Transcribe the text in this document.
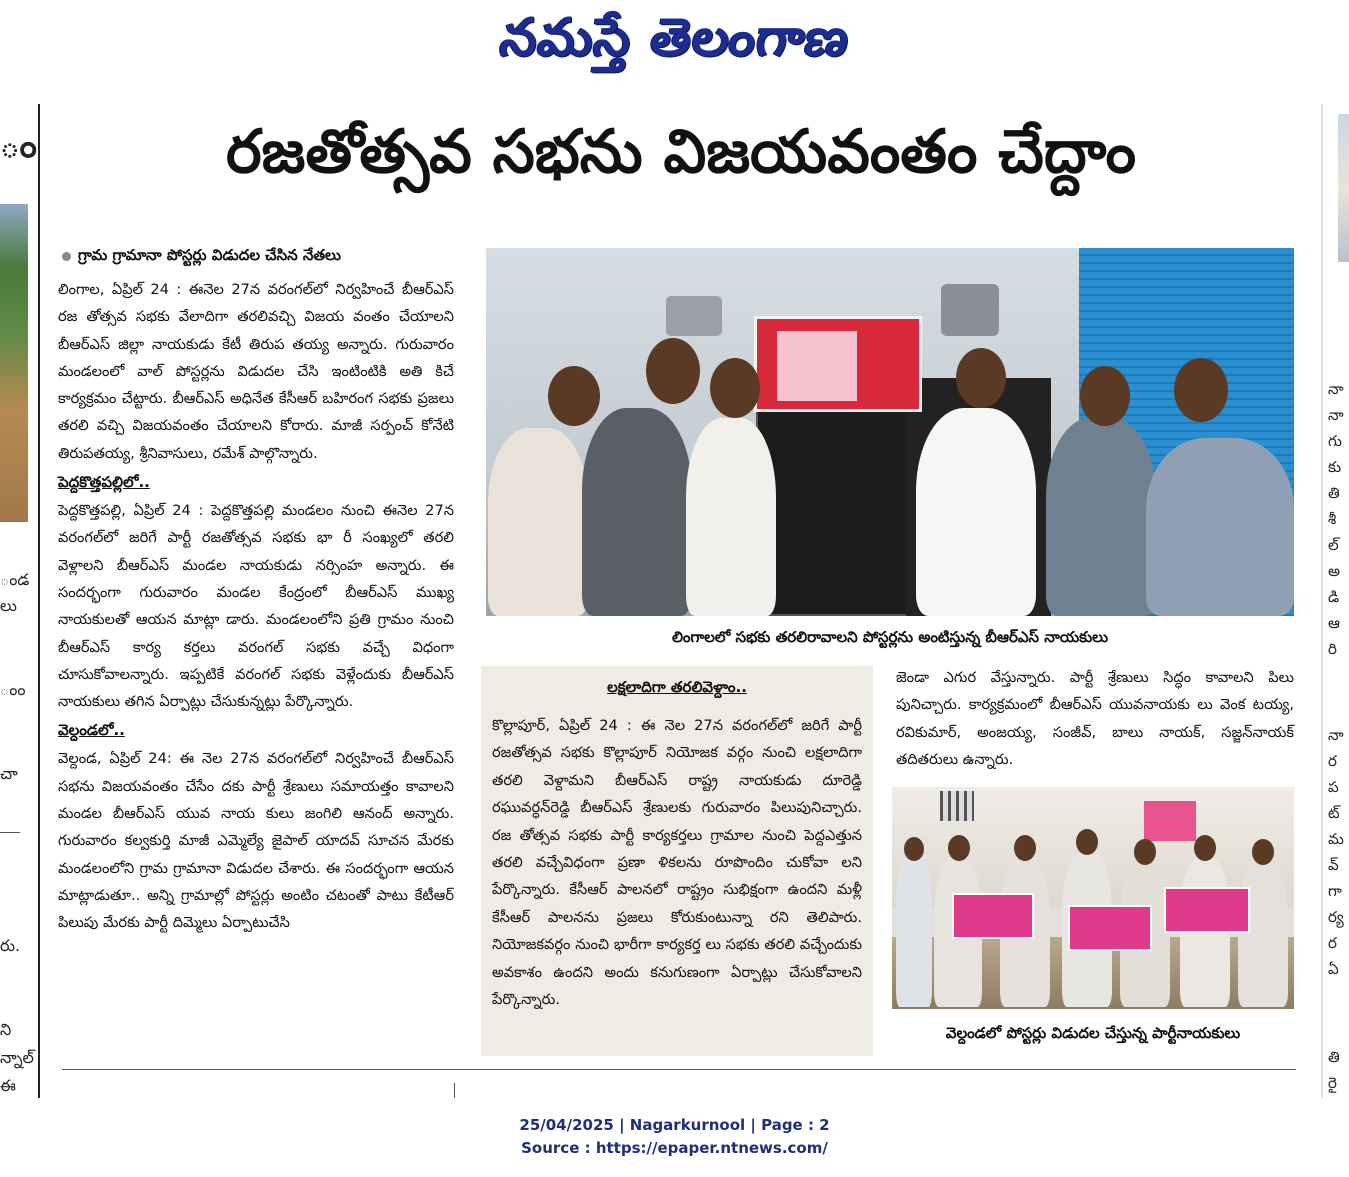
నమస్తే తెలంగాణ
ం
ండ
లు
ంం
చా
రు.
ని
న్నాల్
ఈ
నా
నా
గు
కు
తి
శీ
ల్
అ
డి
ఆ
రి
నా
ర
ప
ట్
మ
వ్
గా
ర్య
ర
ఏ
తి
రై
రజతోత్సవ సభను విజయవంతం చేద్దాం
గ్రామ గ్రామానా పోస్టర్లు విడుదల చేసిన నేతలు

లింగాల, ఏప్రిల్ 24 : ఈనెల 27న వరంగల్‌లో నిర్వహించే బీఆర్‌ఎస్ రజ తోత్సవ సభకు వేలాదిగా తరలివచ్చి విజయ వంతం చేయాలని బీఆర్‌ఎస్ జిల్లా నాయకుడు కేటీ తిరుప తయ్య అన్నారు. గురువారం మండలంలో వాల్ పోస్టర్లను విడుదల చేసి ఇంటింటికి అతి కిచే కార్యక్రమం చేట్టారు. బీఆర్‌ఎస్ అధినేత కేసీఆర్ బహిరంగ సభకు ప్రజలు తరలి వచ్చి విజయవంతం చేయాలని కోరారు. మాజీ సర్పంచ్ కోనేటి తిరుపతయ్య, శ్రీనివాసులు, రమేశ్ పాల్గొన్నారు.

పెద్దకొత్తపల్లిలో..

పెద్దకొత్తపల్లి, ఏప్రిల్ 24 : పెద్దకొత్తపల్లి మండలం నుంచి ఈనెల 27న వరంగల్‌లో జరిగే పార్టీ రజతోత్సవ సభకు భా రీ సంఖ్యలో తరలి వెళ్లాలని బీఆర్‌ఎస్ మండల నాయకుడు నర్సింహ అన్నారు. ఈ సందర్భంగా గురువారం మండల కేంద్రంలో బీఆర్‌ఎస్ ముఖ్య నాయకులతో ఆయన మాట్లా డారు. మండలంలోని ప్రతి గ్రామం నుంచి బీఆర్‌ఎస్ కార్య కర్తలు వరంగల్ సభకు వచ్చే విధంగా చూసుకోవాలన్నారు. ఇప్పటికే వరంగల్ సభకు వెళ్లేందుకు బీఆర్‌ఎస్ నాయకులు తగిన ఏర్పాట్లు చేసుకున్నట్లు పేర్కొన్నారు.

వెల్దండలో..

వెల్దండ, ఏప్రిల్ 24: ఈ నెల 27న వరంగల్‌లో నిర్వహించే బీఆర్‌ఎస్ సభను విజయవంతం చేసేం దకు పార్టీ శ్రేణులు సమాయత్తం కావాలని మండల బీఆర్‌ఎస్ యువ నాయ కులు జంగిలి ఆనంద్ అన్నారు. గురువారం కల్వకుర్తి మాజీ ఎమ్మెల్యే జైపాల్ యాదవ్ సూచన మేరకు మండలంలోని గ్రామ గ్రామానా విడుదల చేశారు. ఈ సందర్భంగా ఆయన మాట్లాడుతూ.. అన్ని గ్రామాల్లో పోస్టర్లు అంటిం చటంతో పాటు కేటీఆర్ పిలుపు మేరకు పార్టీ దిమ్మెలు ఏర్పాటుచేసి

లింగాలలో సభకు తరలిరావాలని పోస్టర్లను అంటిస్తున్న బీఆర్‌ఎస్ నాయకులు
లక్షలాదిగా తరలివెళ్దాం..
కొల్లాపూర్, ఏప్రిల్ 24 : ఈ నెల 27న వరంగల్‌లో జరిగే పార్టీ రజతోత్సవ సభకు కొల్లాపూర్ నియోజక వర్గం నుంచి లక్షలాదిగా తరలి వెళ్దామని బీఆర్‌ఎస్ రాష్ట్ర నాయకుడు దూరెడ్డి రఘువర్ధన్‌రెడ్డి బీఆర్‌ఎస్ శ్రేణులకు గురువారం పిలుపునిచ్చారు. రజ తోత్సవ సభకు పార్టీ కార్యకర్తలు గ్రామాల నుంచి పెద్దఎత్తున తరలి వచ్చేవిధంగా ప్రణా ళికలను రూపొందిం చుకోవా లని పేర్కొన్నారు. కేసీఆర్ పాలనలో రాష్ట్రం సుభిక్షంగా ఉందని మళ్లీ కేసీఆర్ పాలనను ప్రజలు కోరుకుంటున్నా రని తెలిపారు. నియోజకవర్గం నుంచి భారీగా కార్యకర్త లు సభకు తరలి వచ్చేందుకు అవకాశం ఉందని అందు కనుగుణంగా ఏర్పాట్లు చేసుకోవాలని పేర్కొన్నారు.
జెండా ఎగుర వేస్తున్నారు. పార్టీ శ్రేణులు సిద్ధం కావాలని పిలు పునిచ్చారు. కార్యక్రమంలో బీఆర్‌ఎస్ యువనాయకు లు వెంక టయ్య, రవికుమార్, అంజయ్య, సంజీవ్, బాలు నాయక్, సజ్జన్‌నాయక్ తదితరులు ఉన్నారు.
వెల్దండలో పోస్టర్లు విడుదల చేస్తున్న పార్టీనాయకులు
25/04/2025 | Nagarkurnool | Page : 2
Source : https://epaper.ntnews.com/
